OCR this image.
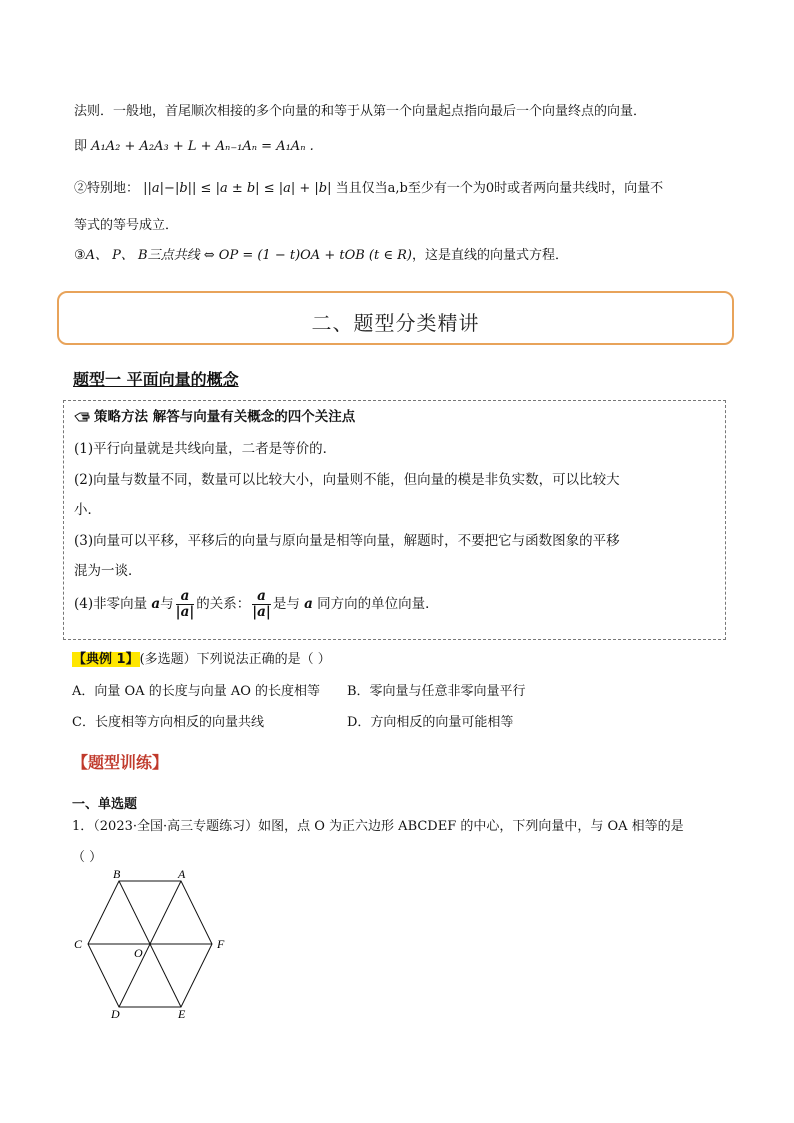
法则．一般地，首尾顺次相接的多个向量的和等于从第一个向量起点指向最后一个向量终点的向量．
即 A₁A₂ + A₂A₃ + L + Aₙ₋₁Aₙ = A₁Aₙ .
②特别地： ||a|−|b|| ≤ |a ± b| ≤ |a| + |b| 当且仅当a,b至少有一个为0时或者两向量共线时，向量不
等式的等号成立．
③A、 P、 B三点共线 ⇔ OP = (1 − t)OA + tOB (t ∈ R)，这是直线的向量式方程．
二、题型分类精讲
题型一 平面向量的概念
策略方法 解答与向量有关概念的四个关注点
(1)平行向量就是共线向量，二者是等价的．
(2)向量与数量不同，数量可以比较大小，向量则不能，但向量的模是非负实数，可以比较大
小．
(3)向量可以平移，平移后的向量与原向量是相等向量，解题时，不要把它与函数图象的平移
混为一谈．
(4)非零向量 a与 $\frac{a}{|a|}$ 的关系： $\frac{a}{|a|}$ 是与 a 同方向的单位向量．
【典例 1】(多选题）下列说法正确的是（ ）
A．向量 OA 的长度与向量 AO 的长度相等 B．零向量与任意非零向量平行
C．长度相等方向相反的向量共线	D．方向相反的向量可能相等
【题型训练】
一、单选题
1．（2023·全国·高三专题练习）如图，点 O 为正六边形 ABCDEF 的中心，下列向量中，与 OA 相等的是
（ ）
B	A
C	F
O
D	E
